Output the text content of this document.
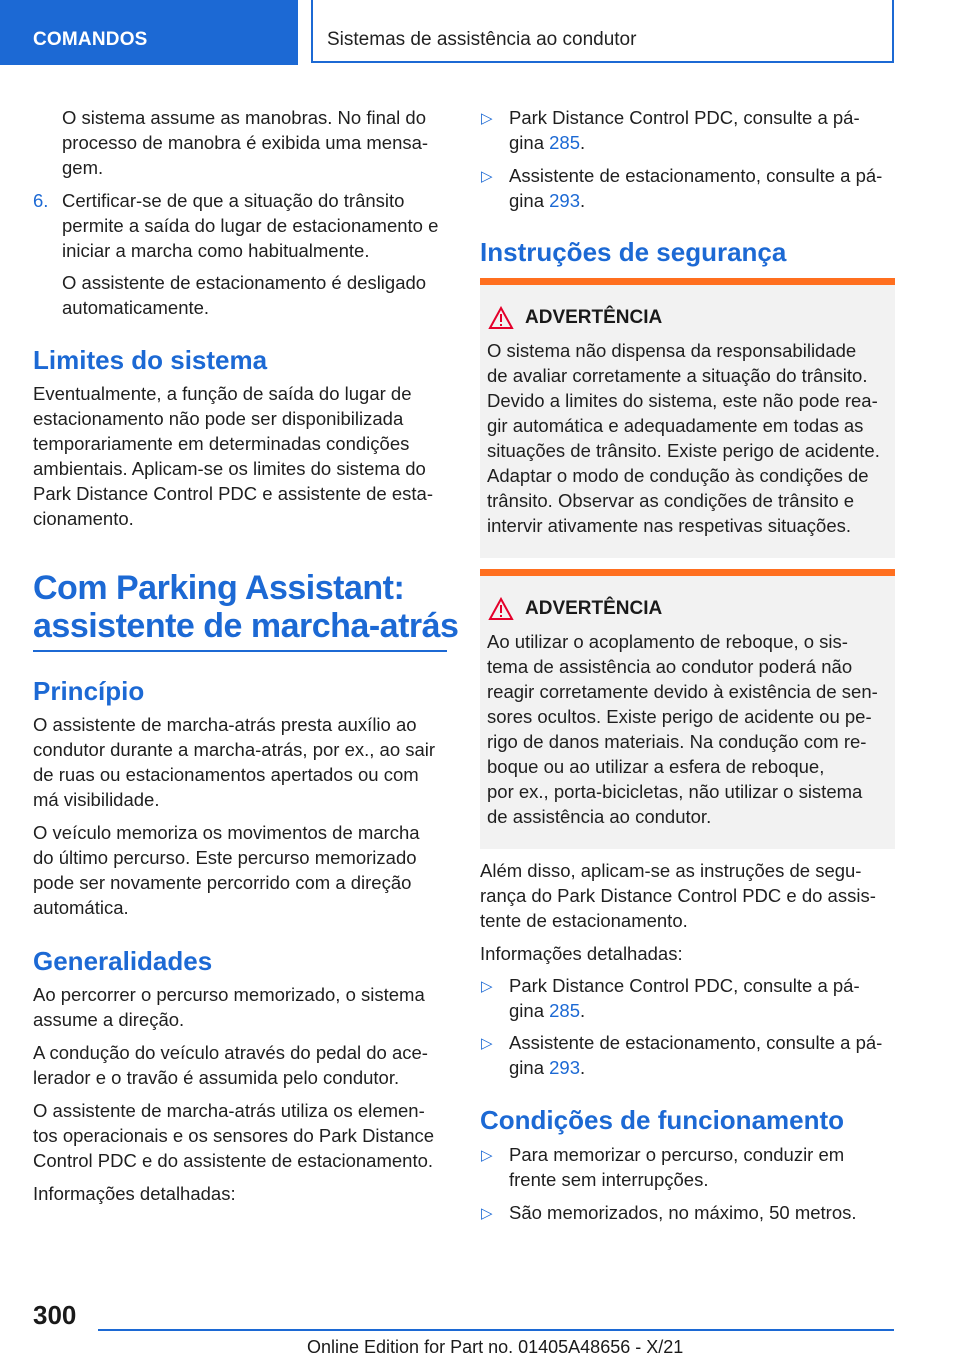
COMANDOS	Sistemas de assistência ao condutor

O sistema assume as manobras. No final do

processo de manobra é exibida uma mensa-

gem.

6. Certificar-se de que a situação do trânsito

permite a saída do lugar de estacionamento e

iniciar a marcha como habitualmente.

O assistente de estacionamento é desligado

automaticamente.

Limites do sistema

Eventualmente, a função de saída do lugar de

estacionamento não pode ser disponibilizada

temporariamente em determinadas condições

ambientais. Aplicam-se os limites do sistema do

Park Distance Control PDC e assistente de esta-

cionamento.

Com Parking Assistant:
assistente de marcha-atrás
Princípio

O assistente de marcha-atrás presta auxílio ao

condutor durante a marcha-atrás, por ex., ao sair

de ruas ou estacionamentos apertados ou com

má visibilidade.

O veículo memoriza os movimentos de marcha

do último percurso. Este percurso memorizado

pode ser novamente percorrido com a direção

automática.

Generalidades

Ao percorrer o percurso memorizado, o sistema

assume a direção.

A condução do veículo através do pedal do ace-

lerador e o travão é assumida pelo condutor.

O assistente de marcha-atrás utiliza os elemen-

tos operacionais e os sensores do Park Distance

Control PDC e do assistente de estacionamento.

Informações detalhadas:

▷ Park Distance Control PDC, consulte a pá-

gina 285.

▷ Assistente de estacionamento, consulte a pá-

gina 293.

Instruções de segurança
ADVERTÊNCIA

O sistema não dispensa da responsabilidade

de avaliar corretamente a situação do trânsito.

Devido a limites do sistema, este não pode rea-

gir automática e adequadamente em todas as

situações de trânsito. Existe perigo de acidente.

Adaptar o modo de condução às condições de

trânsito. Observar as condições de trânsito e

intervir ativamente nas respetivas situações.

ADVERTÊNCIA

Ao utilizar o acoplamento de reboque, o sis-

tema de assistência ao condutor poderá não

reagir corretamente devido à existência de sen-

sores ocultos. Existe perigo de acidente ou pe-

rigo de danos materiais. Na condução com re-

boque ou ao utilizar a esfera de reboque,

por ex., porta-bicicletas, não utilizar o sistema

de assistência ao condutor.

Além disso, aplicam-se as instruções de segu-

rança do Park Distance Control PDC e do assis-

tente de estacionamento.

Informações detalhadas:

▷ Park Distance Control PDC, consulte a pá-

gina 285.

▷ Assistente de estacionamento, consulte a pá-

gina 293.

Condições de funcionamento
▷ Para memorizar o percurso, conduzir em

frente sem interrupções.

▷ São memorizados, no máximo, 50 metros.

300
Online Edition for Part no. 01405A48656 - X/21
